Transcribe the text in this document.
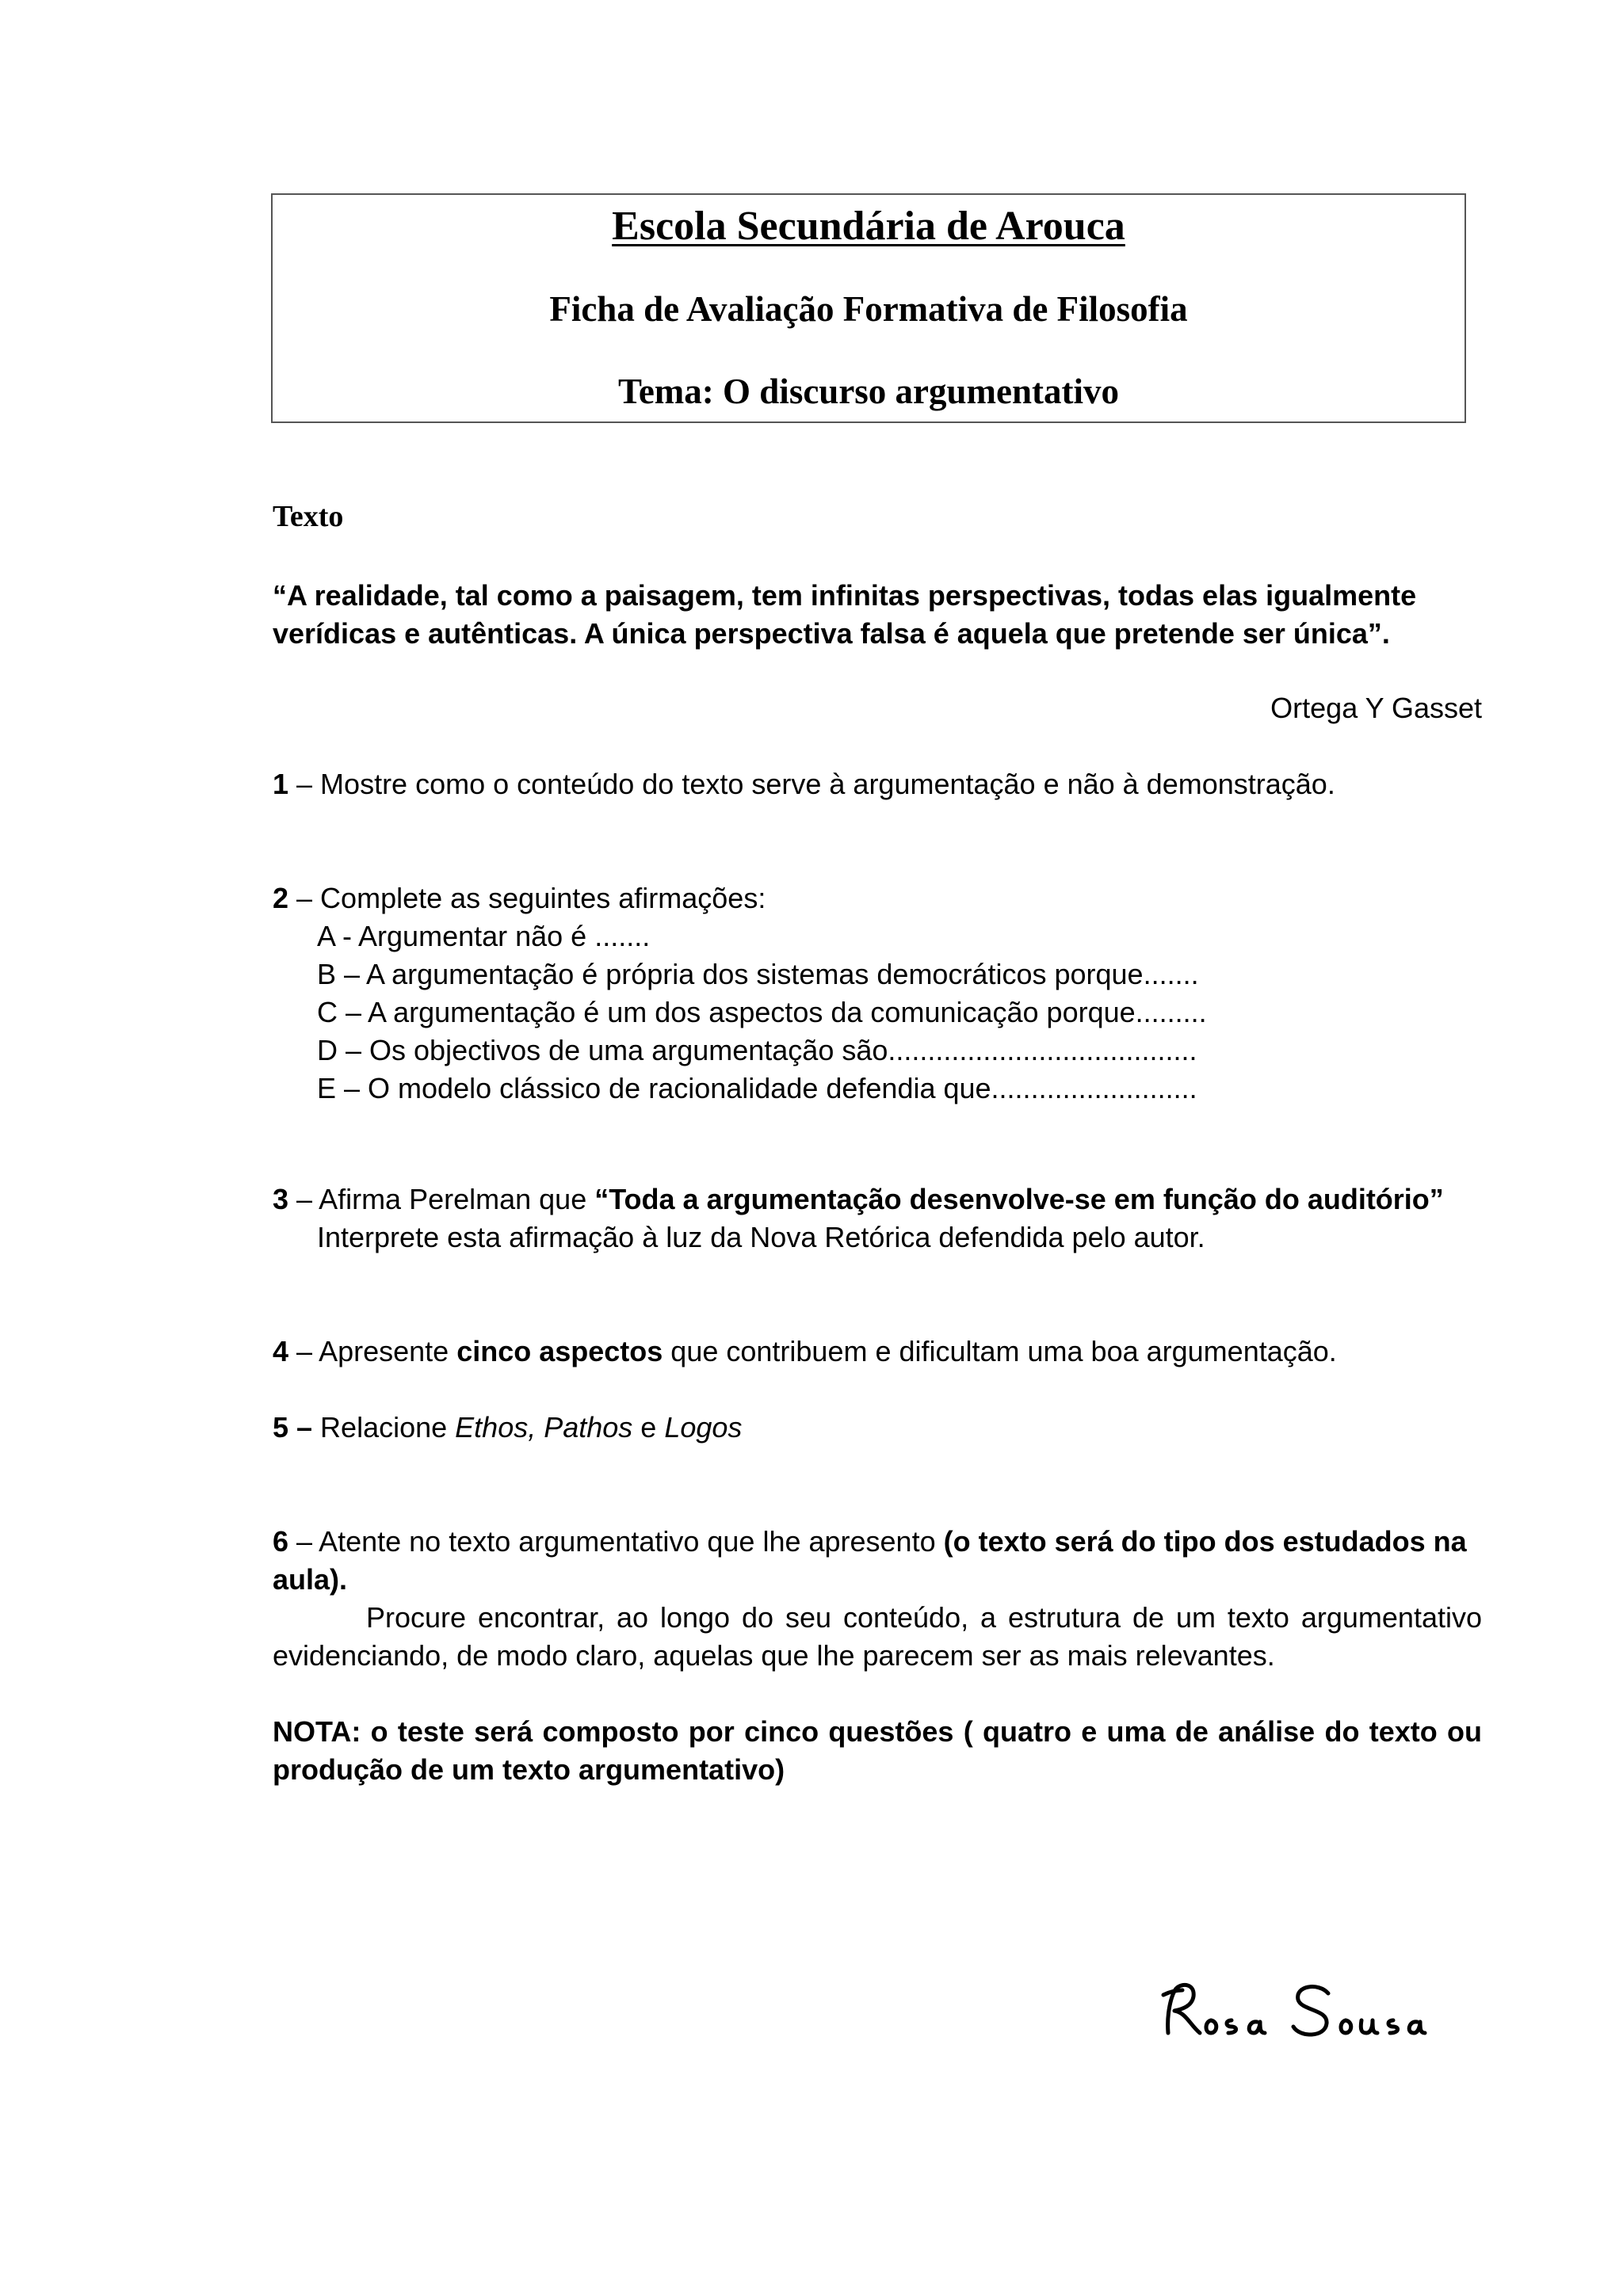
Escola Secundária de Arouca
Ficha de Avaliação Formativa de Filosofia
Tema: O discurso argumentativo
Texto
“A realidade, tal como a paisagem, tem infinitas perspectivas, todas elas igualmente verídicas e autênticas. A única perspectiva falsa é aquela que pretende ser única”.
Ortega Y Gasset
1 – Mostre como o conteúdo do texto serve à argumentação e não à demonstração.
2 – Complete as seguintes afirmações:
A - Argumentar não é .......
B – A argumentação é própria dos sistemas democráticos porque.......
C – A argumentação é um dos aspectos da comunicação porque.........
D – Os objectivos de uma argumentação são.......................................
E – O modelo clássico de racionalidade defendia que..........................
3 – Afirma Perelman que “Toda a argumentação desenvolve-se em função do auditório”
Interprete esta afirmação à luz da Nova Retórica defendida pelo autor.
4 – Apresente cinco aspectos que contribuem e dificultam uma boa argumentação.
5 – Relacione Ethos, Pathos e Logos
6 – Atente no texto argumentativo que lhe apresento (o texto será do tipo dos estudados na aula).
Procure encontrar, ao longo do seu conteúdo, a estrutura de um texto argumentativo evidenciando, de modo claro, aquelas que lhe parecem ser as mais relevantes.
NOTA: o teste será composto por cinco questões ( quatro e uma de análise do texto ou produção de um texto argumentativo)
